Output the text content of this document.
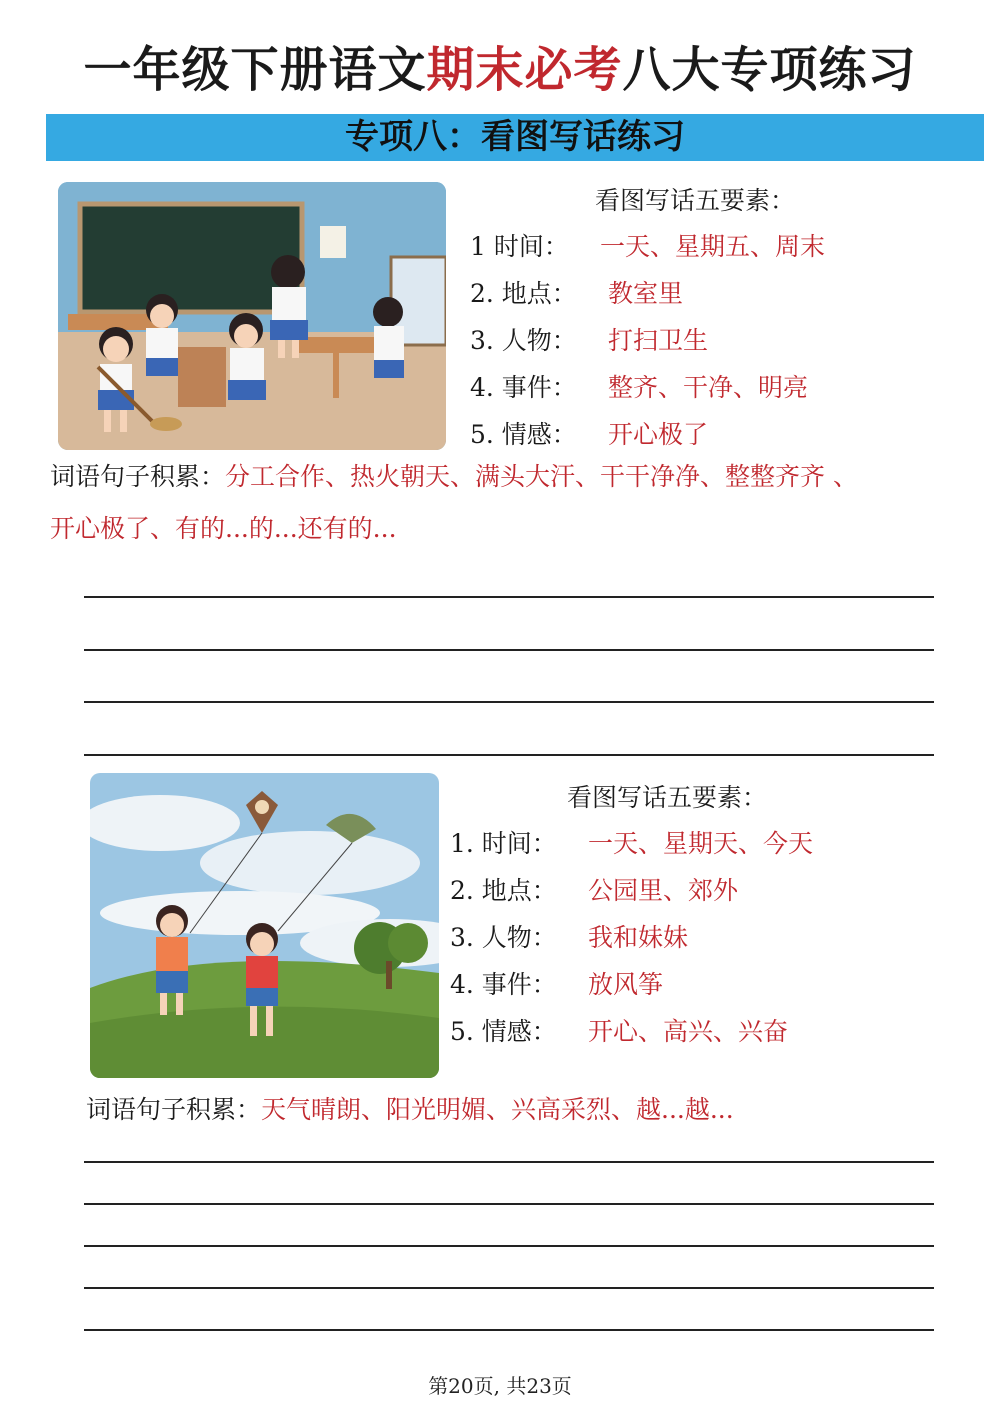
一年级下册语文期末必考八大专项练习
专项八：看图写话练习
看图写话五要素：
1 时间： 一天、星期五、周末
2. 地点： 教室里
3. 人物： 打扫卫生
4. 事件： 整齐、干净、明亮
5. 情感： 开心极了
词语句子积累：分工合作、热火朝天、满头大汗、干干净净、整整齐齐 、
开心极了、有的...的...还有的...
看图写话五要素：
1. 时间： 一天、星期天、今天
2. 地点： 公园里、郊外
3. 人物： 我和妹妹
4. 事件： 放风筝
5. 情感： 开心、高兴、兴奋
词语句子积累：天气晴朗、阳光明媚、兴高采烈、越...越...
第20页, 共23页
